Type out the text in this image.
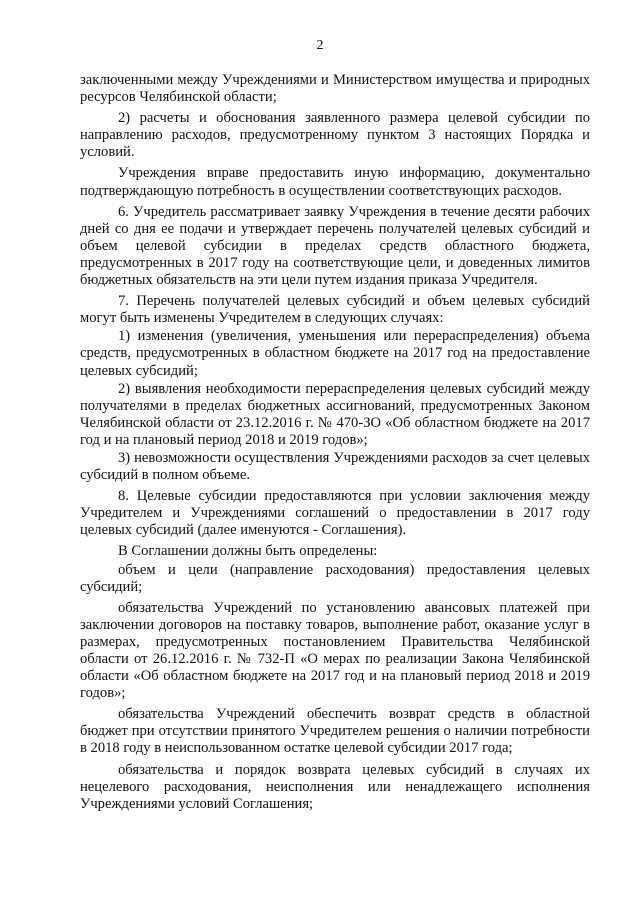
2

заключенными между Учреждениями и Министерством имущества и природных ресурсов Челябинской области;

2) расчеты и обоснования заявленного размера целевой субсидии по направлению расходов, предусмотренному пунктом 3 настоящих Порядка и условий.

Учреждения вправе предоставить иную информацию, документально подтверждающую потребность в осуществлении соответствующих расходов.

6. Учредитель рассматривает заявку Учреждения в течение десяти рабочих дней со дня ее подачи и утверждает перечень получателей целевых субсидий и объем целевой субсидии в пределах средств областного бюджета, предусмотренных в 2017 году на соответствующие цели, и доведенных лимитов бюджетных обязательств на эти цели путем издания приказа Учредителя.

7. Перечень получателей целевых субсидий и объем целевых субсидий могут быть изменены Учредителем в следующих случаях:

1) изменения (увеличения, уменьшения или перераспределения) объема средств, предусмотренных в областном бюджете на 2017 год на предоставление целевых субсидий;

2) выявления необходимости перераспределения целевых субсидий между получателями в пределах бюджетных ассигнований, предусмотренных Законом Челябинской области от 23.12.2016 г. № 470-ЗО «Об областном бюджете на 2017 год и на плановый период 2018 и 2019 годов»;

3) невозможности осуществления Учреждениями расходов за счет целевых субсидий в полном объеме.

8. Целевые субсидии предоставляются при условии заключения между Учредителем и Учреждениями соглашений о предоставлении в 2017 году целевых субсидий (далее именуются - Соглашения).

В Соглашении должны быть определены:

объем и цели (направление расходования) предоставления целевых субсидий;

обязательства Учреждений по установлению авансовых платежей при заключении договоров на поставку товаров, выполнение работ, оказание услуг в размерах, предусмотренных постановлением Правительства Челябинской области от 26.12.2016 г. № 732-П «О мерах по реализации Закона Челябинской области «Об областном бюджете на 2017 год и на плановый период 2018 и 2019 годов»;

обязательства Учреждений обеспечить возврат средств в областной бюджет при отсутствии принятого Учредителем решения о наличии потребности в 2018 году в неиспользованном остатке целевой субсидии 2017 года;

обязательства и порядок возврата целевых субсидий в случаях их нецелевого расходования, неисполнения или ненадлежащего исполнения Учреждениями условий Соглашения;
